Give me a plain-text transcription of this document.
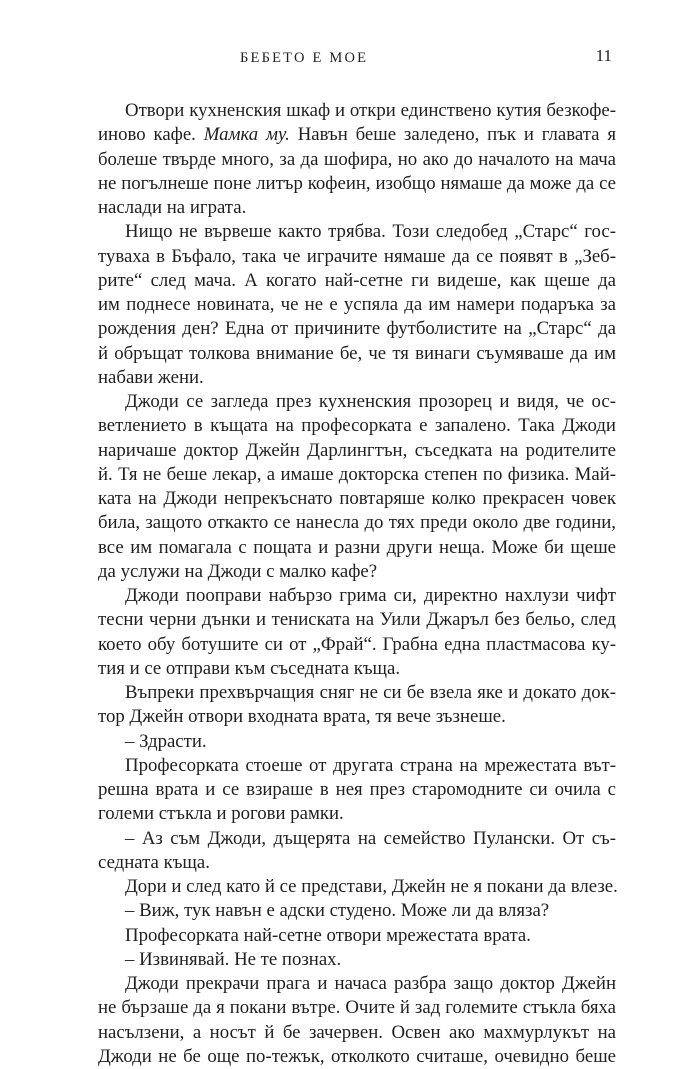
БЕБЕТО Е МОЕ	11
Отвори кухненския шкаф и откри единствено кутия безкофе-
иново кафе. Мамка му. Навън беше заледено, пък и главата я
болеше твърде много, за да шофира, но ако до началото на мача
не погълнеше поне литър кофеин, изобщо нямаше да може да се
наслади на играта.
Нищо не вървеше както трябва. Този следобед „Старс“ гос-
туваха в Бъфало, така че играчите нямаше да се появят в „Зеб-
рите“ след мача. А когато най-сетне ги видеше, как щеше да
им поднесе новината, че не е успяла да им намери подаръка за
рождения ден? Една от причините футболистите на „Старс“ да
й обръщат толкова внимание бе, че тя винаги съумяваше да им
набави жени.
Джоди се загледа през кухненския прозорец и видя, че ос-
ветлението в къщата на професорката е запалено. Така Джоди
наричаше доктор Джейн Дарлингтън, съседката на родителите
й. Тя не беше лекар, а имаше докторска степен по физика. Май-
ката на Джоди непрекъснато повтаряше колко прекрасен човек
била, защото откакто се нанесла до тях преди около две години,
все им помагала с пощата и разни други неща. Може би щеше
да услужи на Джоди с малко кафе?
Джоди пооправи набързо грима си, директно нахлузи чифт
тесни черни дънки и тениската на Уили Джаръл без бельо, след
което обу ботушите си от „Фрай“. Грабна една пластмасова ку-
тия и се отправи към съседната къща.
Въпреки прехвърчащия сняг не си бе взела яке и докато док-
тор Джейн отвори входната врата, тя вече зъзнеше.
– Здрасти.
Професорката стоеше от другата страна на мрежестата вът-
решна врата и се взираше в нея през старомодните си очила с
големи стъкла и рогови рамки.
– Аз съм Джоди, дъщерята на семейство Пулански. От съ-
седната къща.
Дори и след като й се представи, Джейн не я покани да влезе.
– Виж, тук навън е адски студено. Може ли да вляза?
Професорката най-сетне отвори мрежестата врата.
– Извинявай. Не те познах.
Джоди прекрачи прага и начаса разбра защо доктор Джейн
не бързаше да я покани вътре. Очите й зад големите стъкла бяха
насълзени, а носът й бе зачервен. Освен ако махмурлукът на
Джоди не бе още по-тежък, отколкото считаше, очевидно беше
